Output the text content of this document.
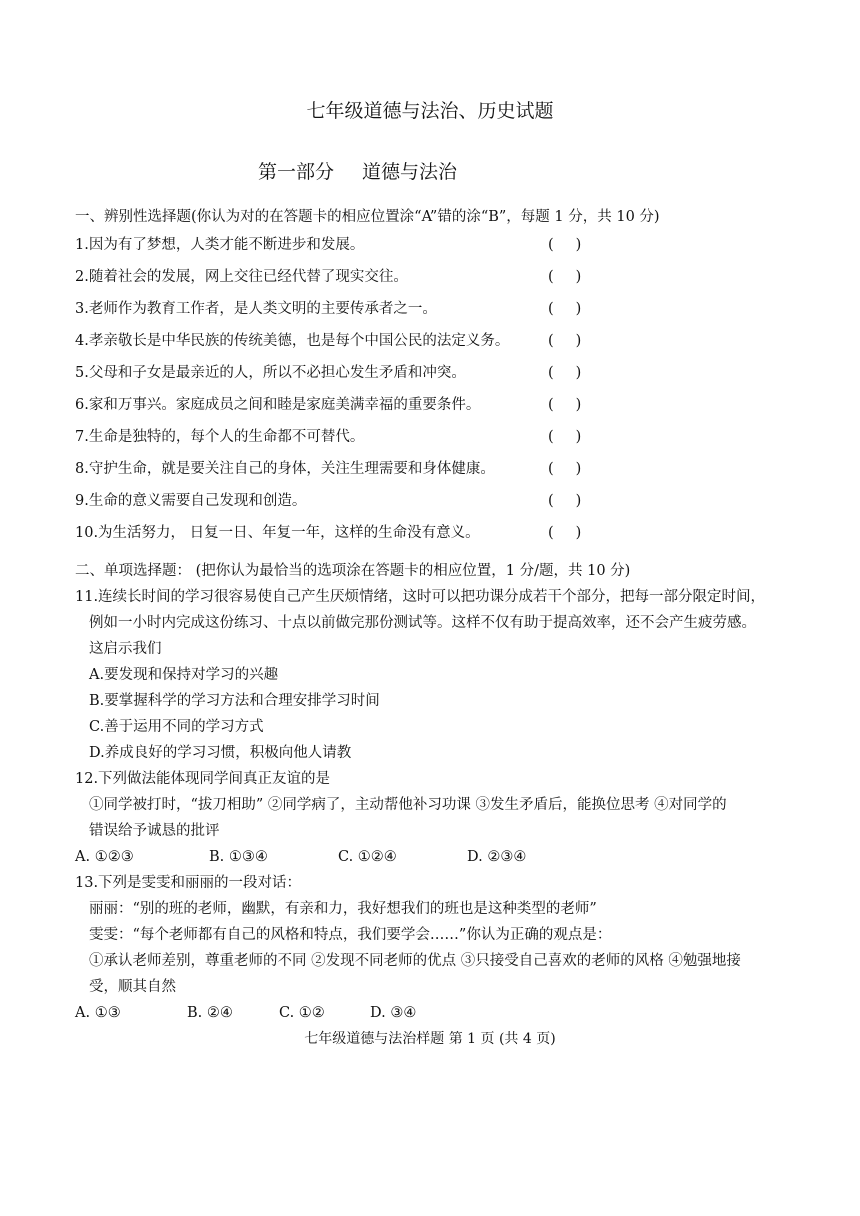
七年级道德与法治、历史试题
第一部分 道德与法治
一、辨别性选择题(你认为对的在答题卡的相应位置涂“A”错的涂“B”，每题 1 分，共 10 分)
1.因为有了梦想，人类才能不断进步和发展。	( )
2.随着社会的发展，网上交往已经代替了现实交往。	( )
3.老师作为教育工作者，是人类文明的主要传承者之一。	( )
4.孝亲敬长是中华民族的传统美德，也是每个中国公民的法定义务。	( )
5.父母和子女是最亲近的人，所以不必担心发生矛盾和冲突。	( )
6.家和万事兴。家庭成员之间和睦是家庭美满幸福的重要条件。	( )
7.生命是独特的，每个人的生命都不可替代。	( )
8.守护生命，就是要关注自己的身体，关注生理需要和身体健康。	( )
9.生命的意义需要自己发现和创造。	( )
10.为生活努力， 日复一日、年复一年，这样的生命没有意义。	( )
二、单项选择题： (把你认为最恰当的选项涂在答题卡的相应位置，1 分/题，共 10 分)
11.连续长时间的学习很容易使自己产生厌烦情绪，这时可以把功课分成若干个部分，把每一部分限定时间，
例如一小时内完成这份练习、十点以前做完那份测试等。这样不仅有助于提高效率，还不会产生疲劳感。
这启示我们
A.要发现和保持对学习的兴趣
B.要掌握科学的学习方法和合理安排学习时间
C.善于运用不同的学习方式
D.养成良好的学习习惯，积极向他人请教
12.下列做法能体现同学间真正友谊的是
①同学被打时，“拔刀相助” ②同学病了，主动帮他补习功课 ③发生矛盾后，能换位思考 ④对同学的
错误给予诚恳的批评
A. ①②③	B. ①③④	C. ①②④	D. ②③④
13.下列是雯雯和丽丽的一段对话：
丽丽：“别的班的老师，幽默，有亲和力，我好想我们的班也是这种类型的老师”
雯雯：“每个老师都有自己的风格和特点，我们要学会……”你认为正确的观点是：
①承认老师差别，尊重老师的不同 ②发现不同老师的优点 ③只接受自己喜欢的老师的风格 ④勉强地接
受，顺其自然
A. ①③	B. ②④	C. ①②	D. ③④
七年级道德与法治样题 第 1 页 (共 4 页)
